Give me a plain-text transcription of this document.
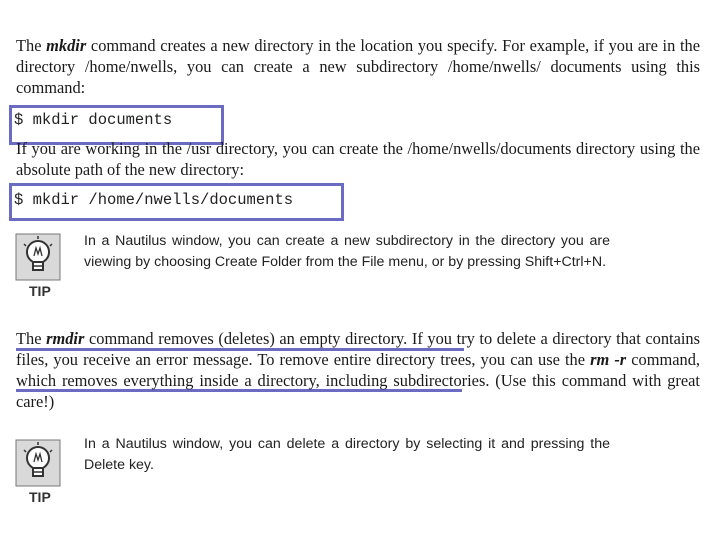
The mkdir command creates a new directory in the location you specify. For example, if you are in the directory /home/nwells, you can create a new subdirectory /home/nwells/ documents using this command:

$ mkdir documents

If you are working in the /usr directory, you can create the /home/nwells/documents directory using the absolute path of the new directory:

$ mkdir /home/nwells/documents
TIP

In a Nautilus window, you can create a new subdirectory in the directory you are viewing by choosing Create Folder from the File menu, or by pressing Shift+Ctrl+N.

The rmdir command removes (deletes) an empty directory. If you try to delete a directory that contains files, you receive an error message. To remove entire directory trees, you can use the rm -r command, which removes everything inside a directory, including subdirectories. (Use this command with great care!)

TIP

In a Nautilus window, you can delete a directory by selecting it and pressing the Delete key.
